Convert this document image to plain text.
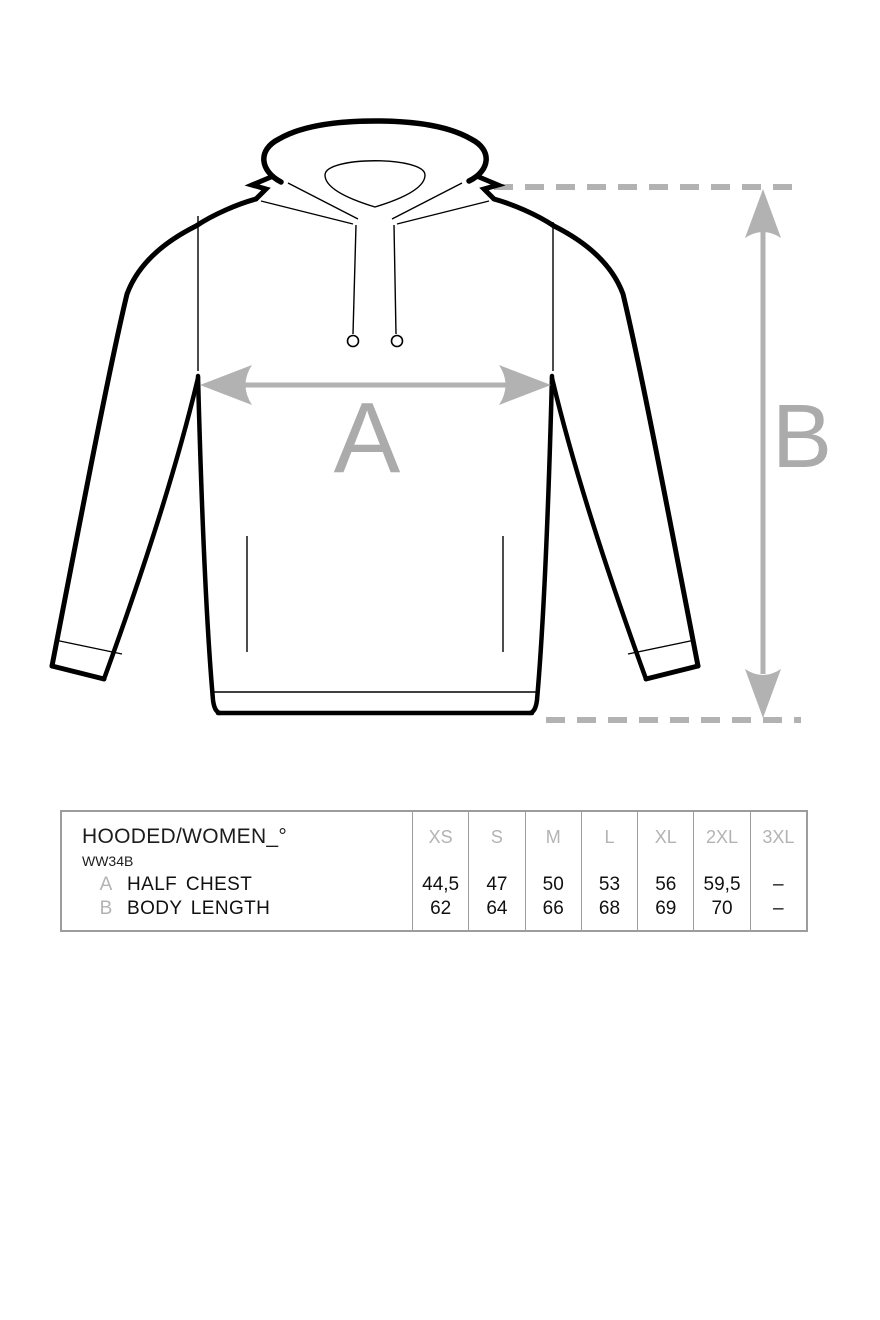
A	B
HOODED/WOMEN_°
WW34B
A HALF CHEST
B BODY LENGTH
XS
44,5
62
S
47
64
M
50
66
L
53
68
XL
56
69
2XL
59,5
70
3XL
–
–
